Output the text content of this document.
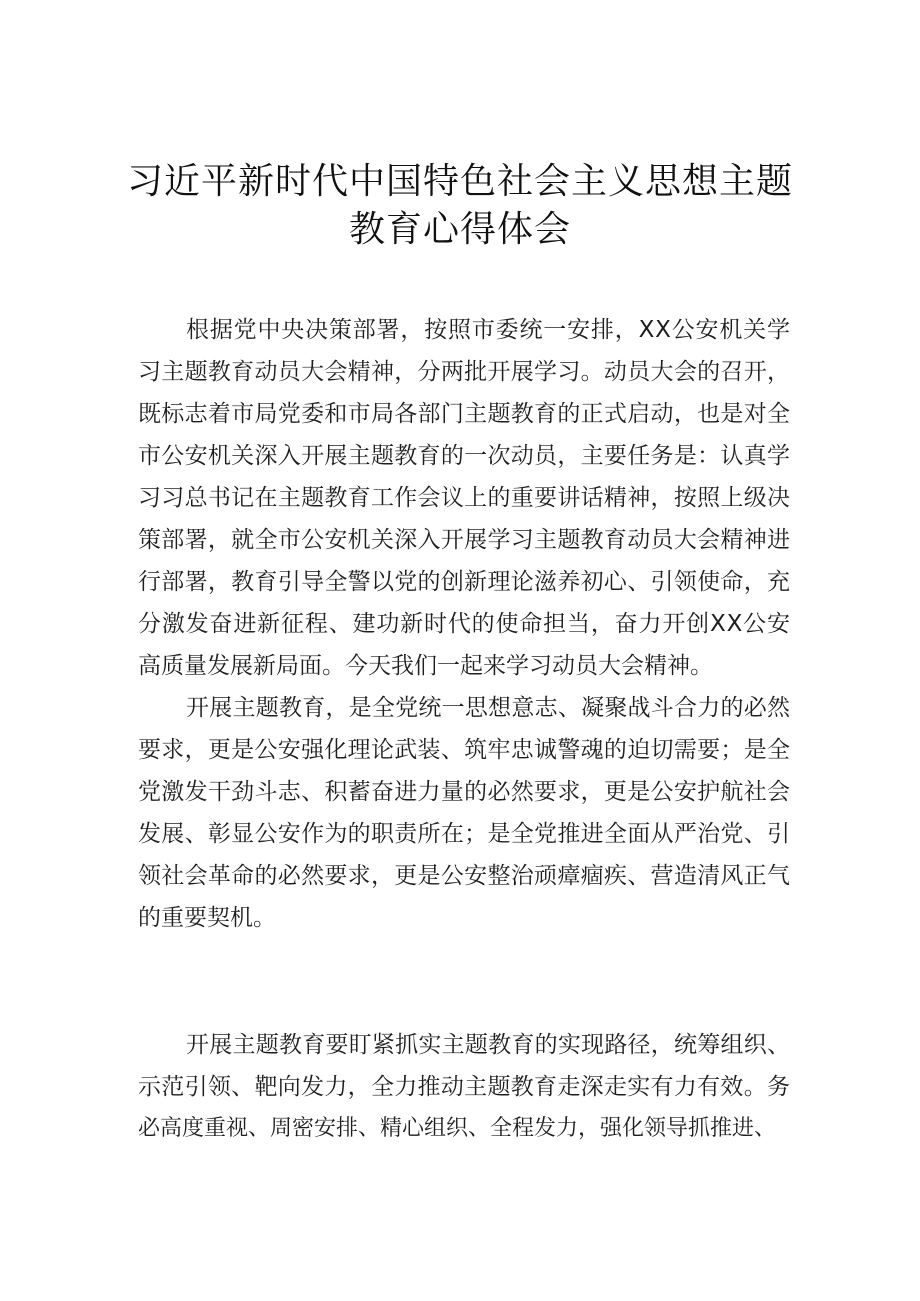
习近平新时代中国特色社会主义思想主题
教育心得体会
根据党中央决策部署，按照市委统一安排，XX公安机关学
习主题教育动员大会精神，分两批开展学习。动员大会的召开，
既标志着市局党委和市局各部门主题教育的正式启动，也是对全
市公安机关深入开展主题教育的一次动员，主要任务是：认真学
习习总书记在主题教育工作会议上的重要讲话精神，按照上级决
策部署，就全市公安机关深入开展学习主题教育动员大会精神进
行部署，教育引导全警以党的创新理论滋养初心、引领使命，充
分激发奋进新征程、建功新时代的使命担当，奋力开创XX公安
高质量发展新局面。今天我们一起来学习动员大会精神。
开展主题教育，是全党统一思想意志、凝聚战斗合力的必然
要求，更是公安强化理论武装、筑牢忠诚警魂的迫切需要；是全
党激发干劲斗志、积蓄奋进力量的必然要求，更是公安护航社会
发展、彰显公安作为的职责所在；是全党推进全面从严治党、引
领社会革命的必然要求，更是公安整治顽瘴痼疾、营造清风正气
的重要契机。
开展主题教育要盯紧抓实主题教育的实现路径，统筹组织、
示范引领、靶向发力，全力推动主题教育走深走实有力有效。务
必高度重视、周密安排、精心组织、全程发力，强化领导抓推进、
